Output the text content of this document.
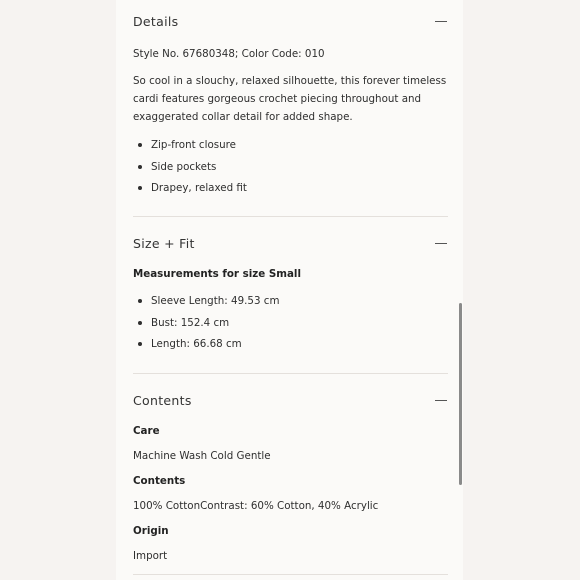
Details
Style No. 67680348; Color Code: 010
So cool in a slouchy, relaxed silhouette, this forever timeless cardi features gorgeous crochet piecing throughout and exaggerated collar detail for added shape.
Zip-front closure
Side pockets
Drapey, relaxed fit
Size + Fit
Measurements for size Small
Sleeve Length: 49.53 cm
Bust: 152.4 cm
Length: 66.68 cm
Contents
Care
Machine Wash Cold Gentle
Contents
100% CottonContrast: 60% Cotton, 40% Acrylic
Origin
Import
